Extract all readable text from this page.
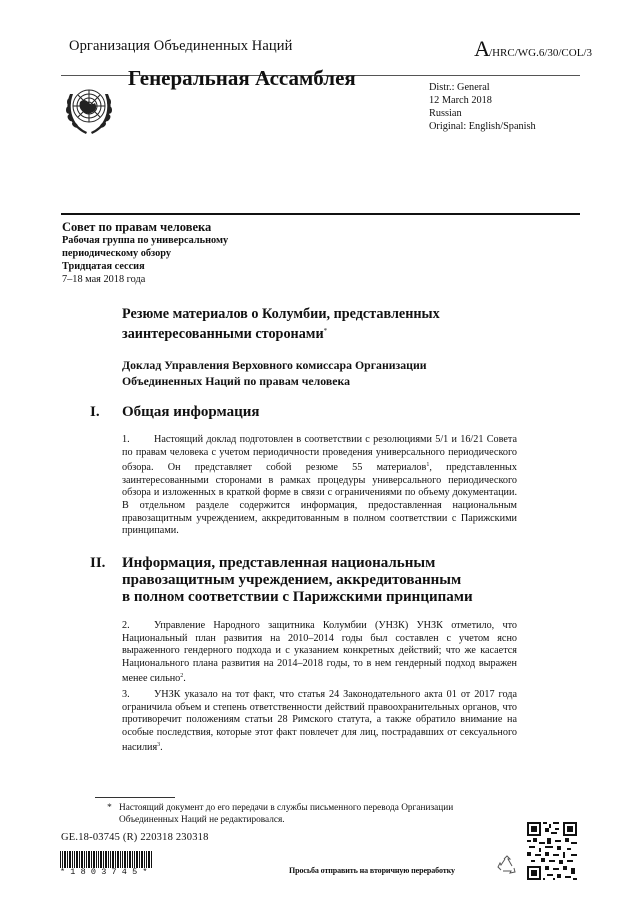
Организация Объединенных Наций	A/HRC/WG.6/30/COL/3
Генеральная Ассамблея	Distr.: General
12 March 2018
Russian
Original: English/Spanish
Совет по правам человека
Рабочая группа по универсальному
периодическому обзору
Тридцатая сессия
7–18 мая 2018 года
Резюме материалов о Колумбии, представленных
заинтересованными сторонами*
Доклад Управления Верховного комиссара Организации
Объединенных Наций по правам человека
I. Общая информация
1. Настоящий доклад подготовлен в соответствии с резолюциями 5/1 и 16/21 Совета по правам человека с учетом периодичности проведения универсального периодического обзора. Он представляет собой резюме 55 материалов$^1$, представленных заинтересованными сторонами в рамках процедуры универсального периодического обзора и изложенных в краткой форме в связи с ограничениями по объему документации. В отдельном разделе содержится информация, предоставленная национальным правозащитным учреждением, аккредитованным в полном соответствии с Парижскими принципами.
II. Информация, представленная национальным
правозащитным учреждением, аккредитованным
в полном соответствии с Парижскими принципами
2. Управление Народного защитника Колумбии (УНЗК) УНЗК отметило, что Национальный план развития на 2010–2014 годы был составлен с учетом ясно выраженного гендерного подхода и с указанием конкретных действий; что же касается Национального плана развития на 2014–2018 годы, то в нем гендерный подход выражен менее сильно$^2$.
3. УНЗК указало на тот факт, что статья 24 Законодательного акта 01 от 2017 года ограничила объем и степень ответственности действий правоохранительных органов, что противоречит положениям статьи 28 Римского статута, а также обратило внимание на особые последствия, которые этот факт повлечет для лиц, пострадавших от сексуального насилия$^3$.
* Настоящий документ до его передачи в службы письменного перевода Организации
Объединенных Наций не редактировался.
GE.18-03745 (R) 220318 230318
*1803745*	Просьба отправить на вторичную переработку
